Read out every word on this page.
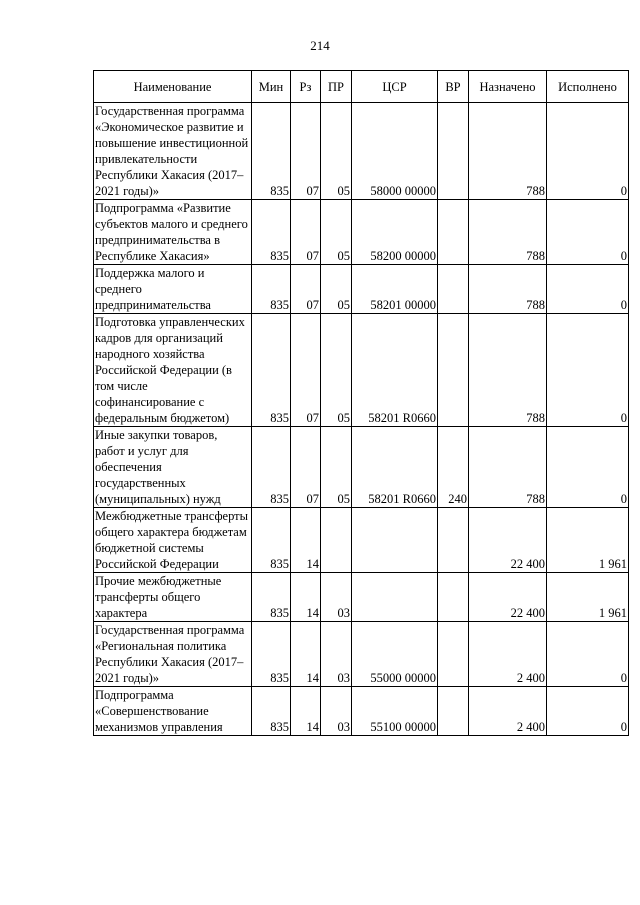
214
Наименование	Мин	Рз	ПР	ЦСР	ВР	Назначено	Исполнено
Государственная программа «Экономическое развитие и повышение инвестиционной привлекательности Республики Хакасия (2017–2021 годы)»	835	07	05	58000 00000		788	0
Подпрограмма «Развитие субъектов малого и среднего предпринимательства в Республике Хакасия»	835	07	05	58200 00000		788	0
Поддержка малого и среднего предпринимательства	835	07	05	58201 00000		788	0
Подготовка управленческих кадров для организаций народного хозяйства Российской Федерации (в том числе софинансирование с федеральным бюджетом)	835	07	05	58201 R0660		788	0
Иные закупки товаров, работ и услуг для обеспечения государственных (муниципальных) нужд	835	07	05	58201 R0660	240	788	0
Межбюджетные трансферты общего характера бюджетам бюджетной системы Российской Федерации	835	14				22 400	1 961
Прочие межбюджетные трансферты общего характера	835	14	03			22 400	1 961
Государственная программа «Региональная политика Республики Хакасия (2017–2021 годы)»	835	14	03	55000 00000		2 400	0
Подпрограмма «Совершенствование механизмов управления	835	14	03	55100 00000		2 400	0
